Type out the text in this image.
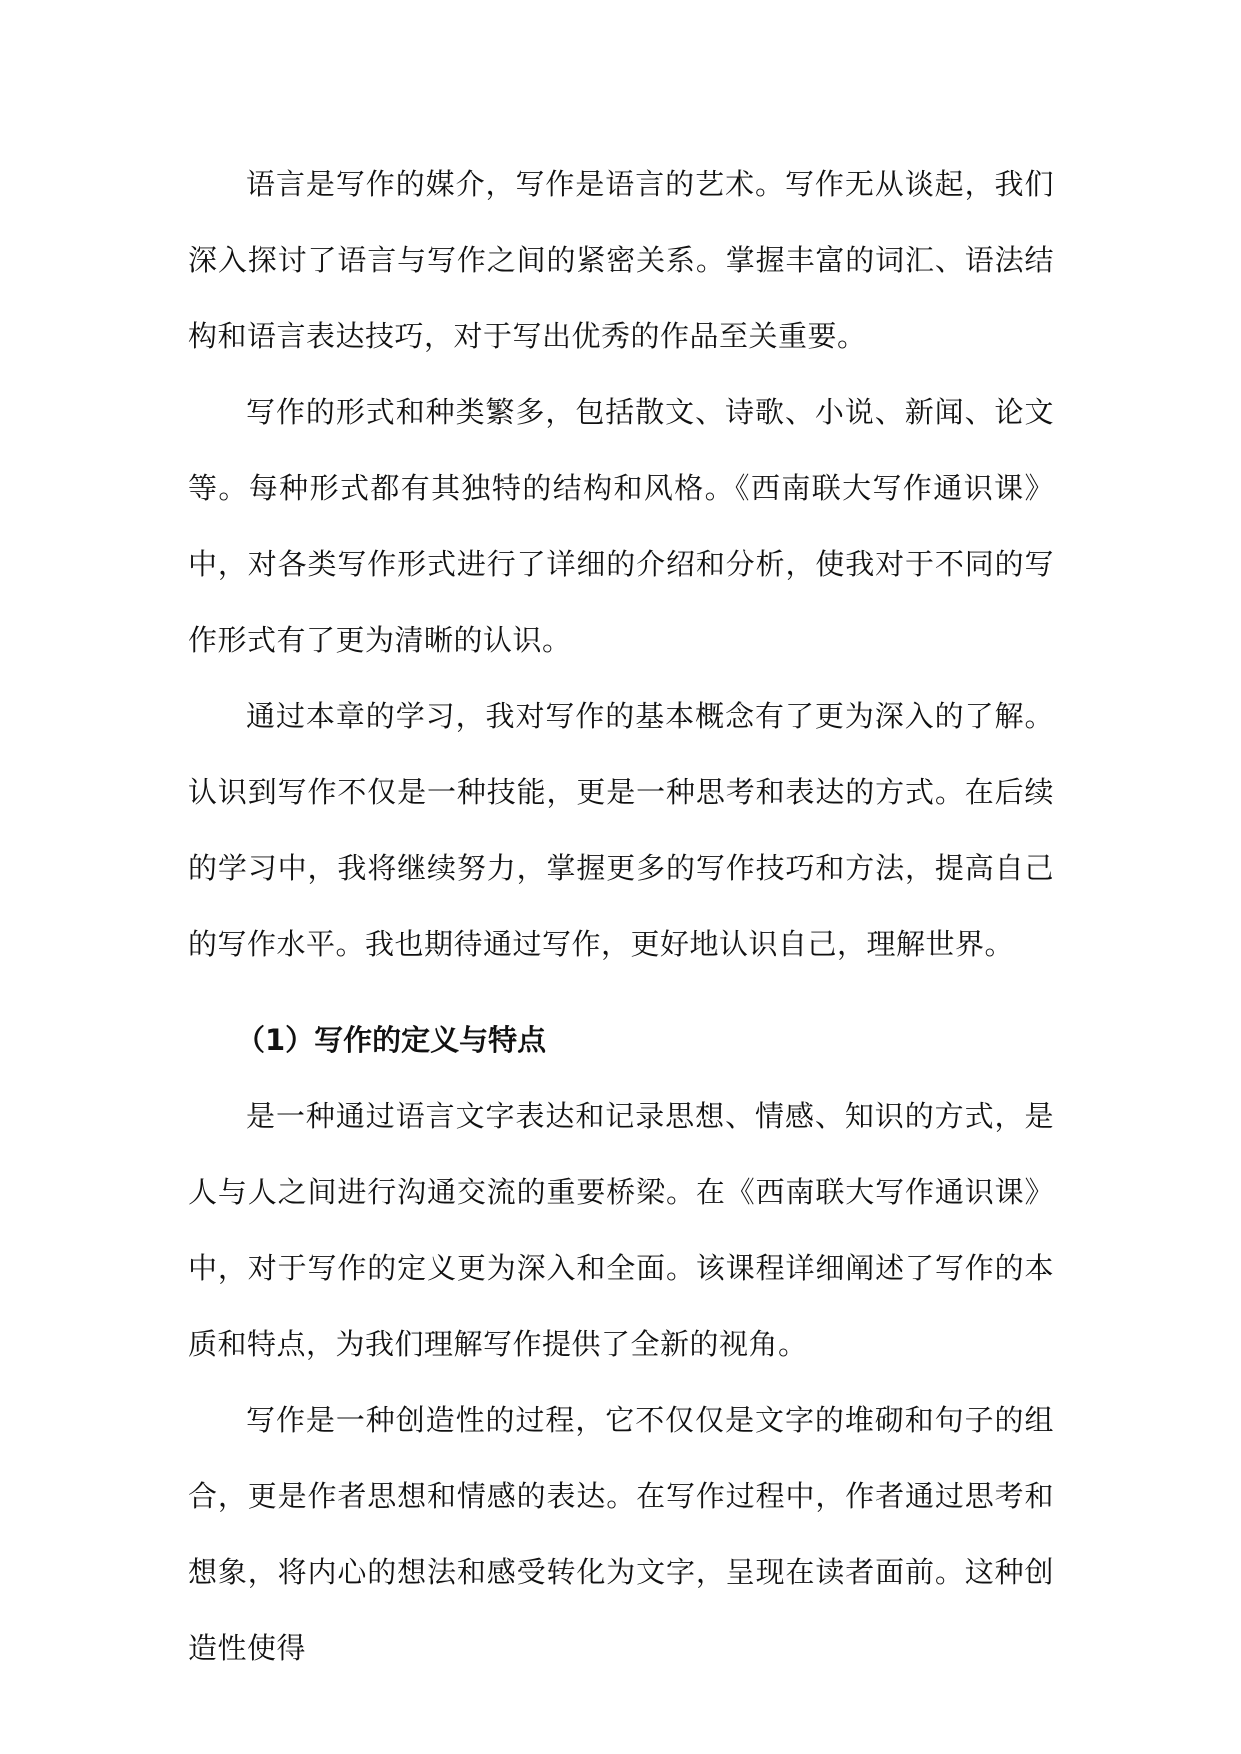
语言是写作的媒介，写作是语言的艺术。写作无从谈起，我们深入探讨了语言与写作之间的紧密关系。掌握丰富的词汇、语法结构和语言表达技巧，对于写出优秀的作品至关重要。

写作的形式和种类繁多，包括散文、诗歌、小说、新闻、论文等。每种形式都有其独特的结构和风格。《西南联大写作通识课》中，对各类写作形式进行了详细的介绍和分析，使我对于不同的写作形式有了更为清晰的认识。

通过本章的学习，我对写作的基本概念有了更为深入的了解。认识到写作不仅是一种技能，更是一种思考和表达的方式。在后续的学习中，我将继续努力，掌握更多的写作技巧和方法，提高自己的写作水平。我也期待通过写作，更好地认识自己，理解世界。

（1）写作的定义与特点

是一种通过语言文字表达和记录思想、情感、知识的方式，是人与人之间进行沟通交流的重要桥梁。在《西南联大写作通识课》中，对于写作的定义更为深入和全面。该课程详细阐述了写作的本质和特点，为我们理解写作提供了全新的视角。

写作是一种创造性的过程，它不仅仅是文字的堆砌和句子的组合，更是作者思想和情感的表达。在写作过程中，作者通过思考和想象，将内心的想法和感受转化为文字，呈现在读者面前。这种创造性使得
